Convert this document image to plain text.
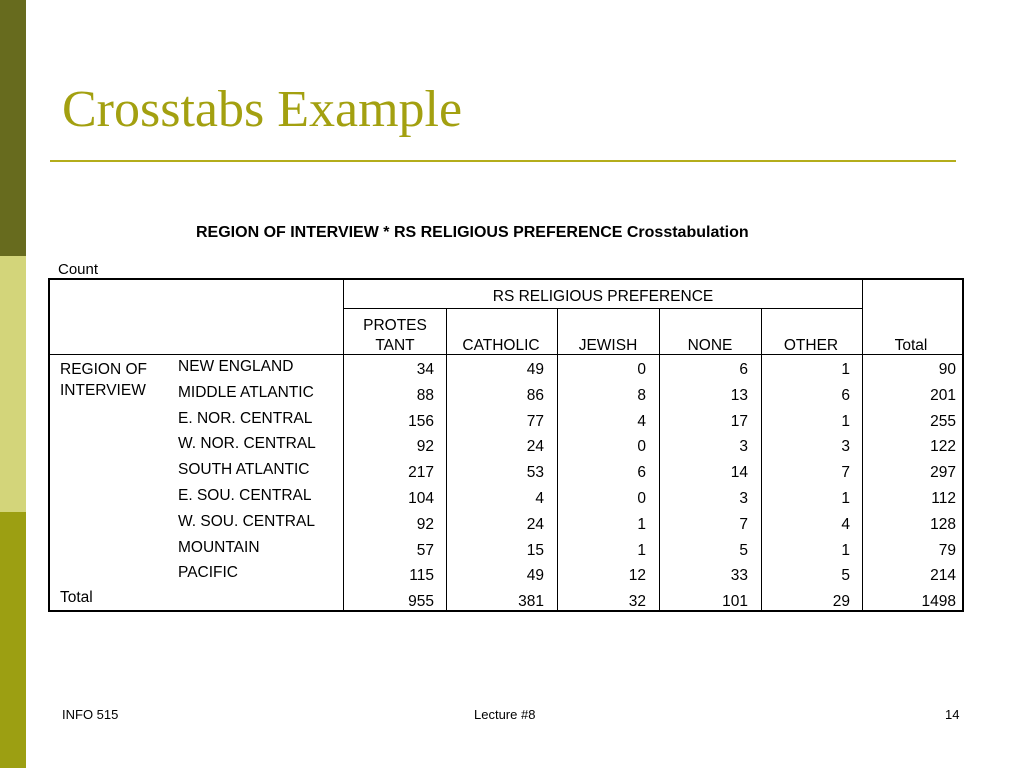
Crosstabs Example
REGION OF INTERVIEW * RS RELIGIOUS PREFERENCE Crosstabulation
Count
RS RELIGIOUS PREFERENCE
PROTES
TANT	CATHOLIC	JEWISH	NONE	OTHER	Total
REGION OF
INTERVIEW
NEW ENGLAND	34	49	0	6	1	90
MIDDLE ATLANTIC	88	86	8	13	6	201
E. NOR. CENTRAL	156	77	4	17	1	255
W. NOR. CENTRAL	92	24	0	3	3	122
SOUTH ATLANTIC	217	53	6	14	7	297
E. SOU. CENTRAL	104	4	0	3	1	112
W. SOU. CENTRAL	92	24	1	7	4	128
MOUNTAIN	57	15	1	5	1	79
PACIFIC	115	49	12	33	5	214
Total	955	381	32	101	29	1498
INFO 515	Lecture #8	14
